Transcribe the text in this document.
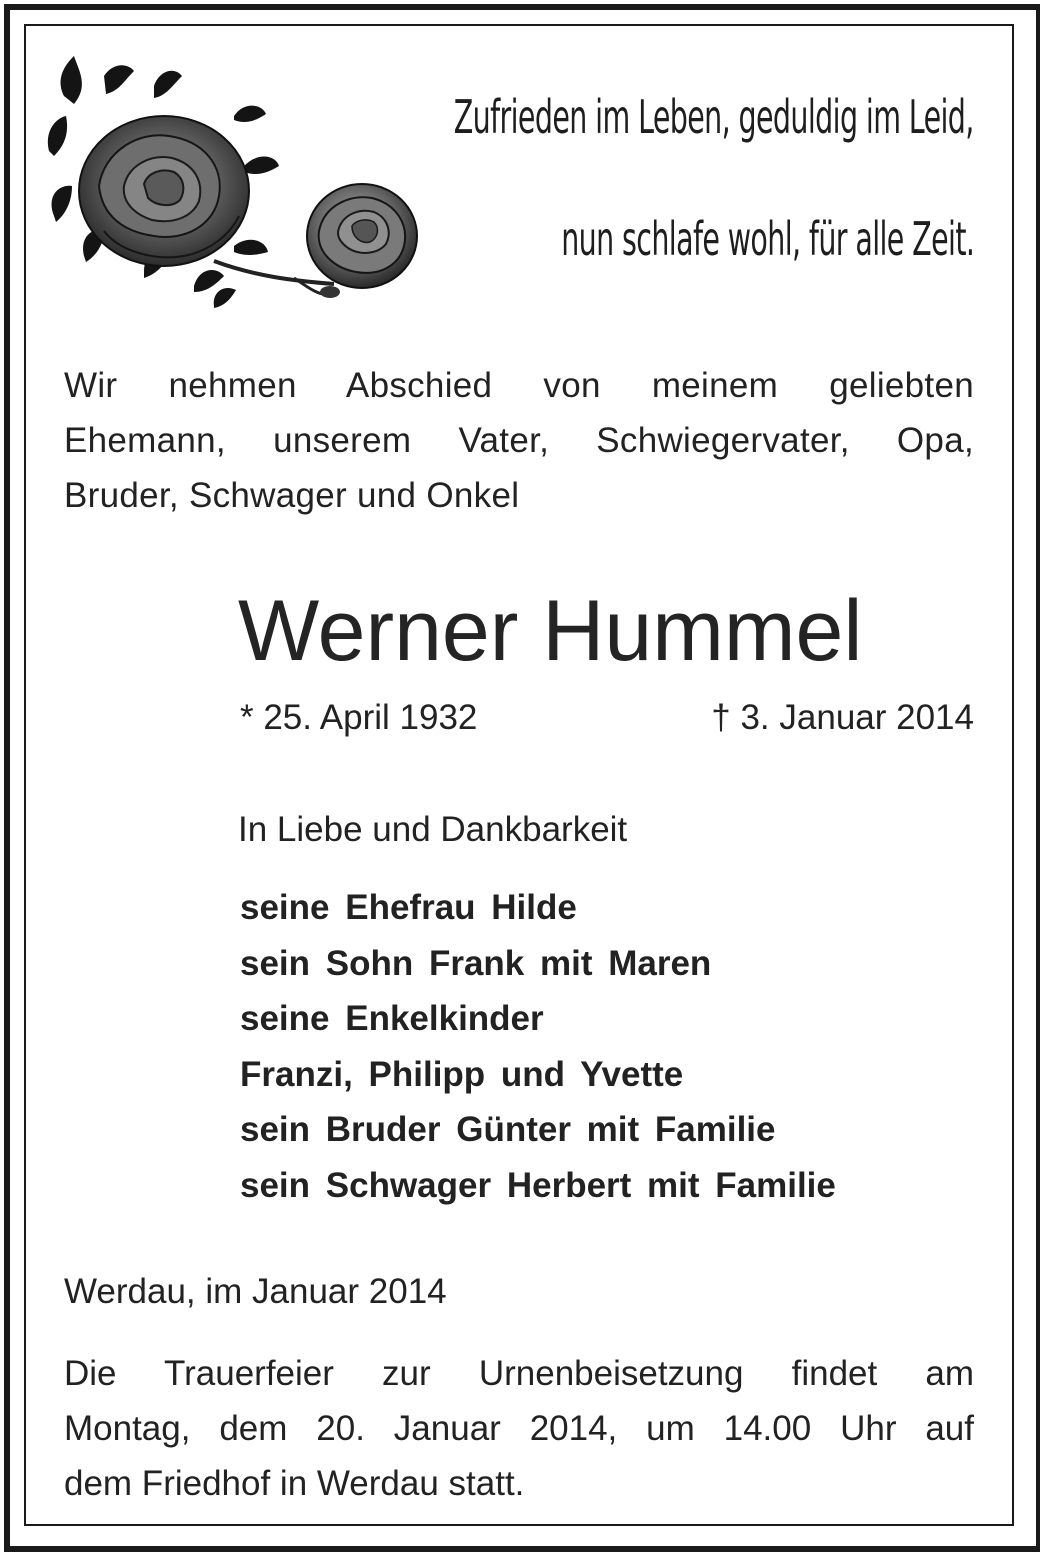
Zufrieden im Leben, geduldig im Leid,

nun schlafe wohl, für alle Zeit.

Wir nehmen Abschied von meinem geliebten
Ehemann, unserem Vater, Schwiegervater, Opa,
Bruder, Schwager und Onkel
Werner Hummel
* 25. April 1932	† 3. Januar 2014

In Liebe und Dankbarkeit

seine Ehefrau Hilde
sein Sohn Frank mit Maren
seine Enkelkinder
Franzi, Philipp und Yvette
sein Bruder Günter mit Familie
sein Schwager Herbert mit Familie

Werdau, im Januar 2014

Die Trauerfeier zur Urnenbeisetzung findet am
Montag, dem 20. Januar 2014, um 14.00 Uhr auf
dem Friedhof in Werdau statt.
